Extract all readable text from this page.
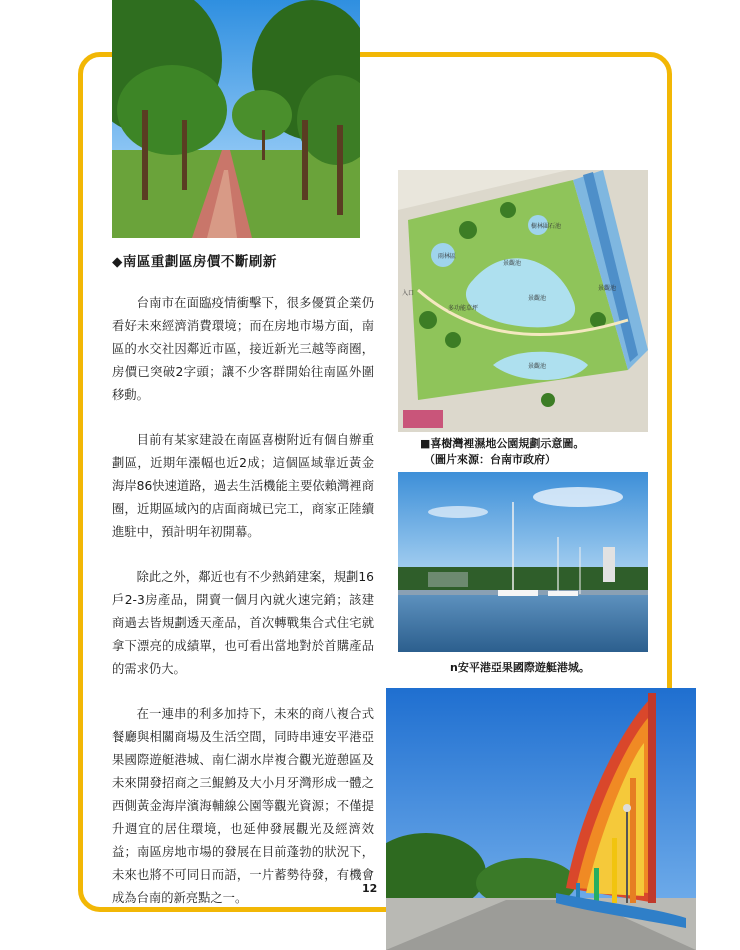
◆南區重劃區房價不斷刷新

台南市在面臨疫情衝擊下，很多優質企業仍看好未來經濟消費環境；而在房地市場方面，南區的水交社因鄰近市區，接近新光三越等商圈，房價已突破2字頭；讓不少客群開始往南區外圍移動。

目前有某家建設在南區喜樹附近有個自辦重劃區，近期年漲幅也近2成；這個區域靠近黃金海岸86快速道路，過去生活機能主要依賴灣裡商圈，近期區域內的店面商城已完工，商家正陸續進駐中，預計明年初開幕。

除此之外，鄰近也有不少熱銷建案，規劃16戶2-3房產品，開賣一個月內就火速完銷；該建商過去皆規劃透天產品，首次轉戰集合式住宅就拿下漂亮的成績單，也可看出當地對於首購產品的需求仍大。

在一連串的利多加持下，未來的商八複合式餐廳與相關商場及生活空間，同時串連安平港亞果國際遊艇港城、南仁湖水岸複合觀光遊憩區及未來開發招商之三鯤鯓及大小月牙灣形成一體之西側黃金海岸濱海輔線公園等觀光資源；不僅提升週宜的居住環境，也延伸發展觀光及經濟效益；南區房地市場的發展在目前蓬勃的狀況下，未來也將不可同日而語，一片蓄勢待發，有機會成為台南的新亮點之一。

樹林圍石池
雨林區
景觀池
景觀池
景觀池
景觀池
多功能草坪
入口
■喜樹灣裡濕地公園規劃示意圖。
（圖片來源：台南市政府）
n安平港亞果國際遊艇港城。
12
